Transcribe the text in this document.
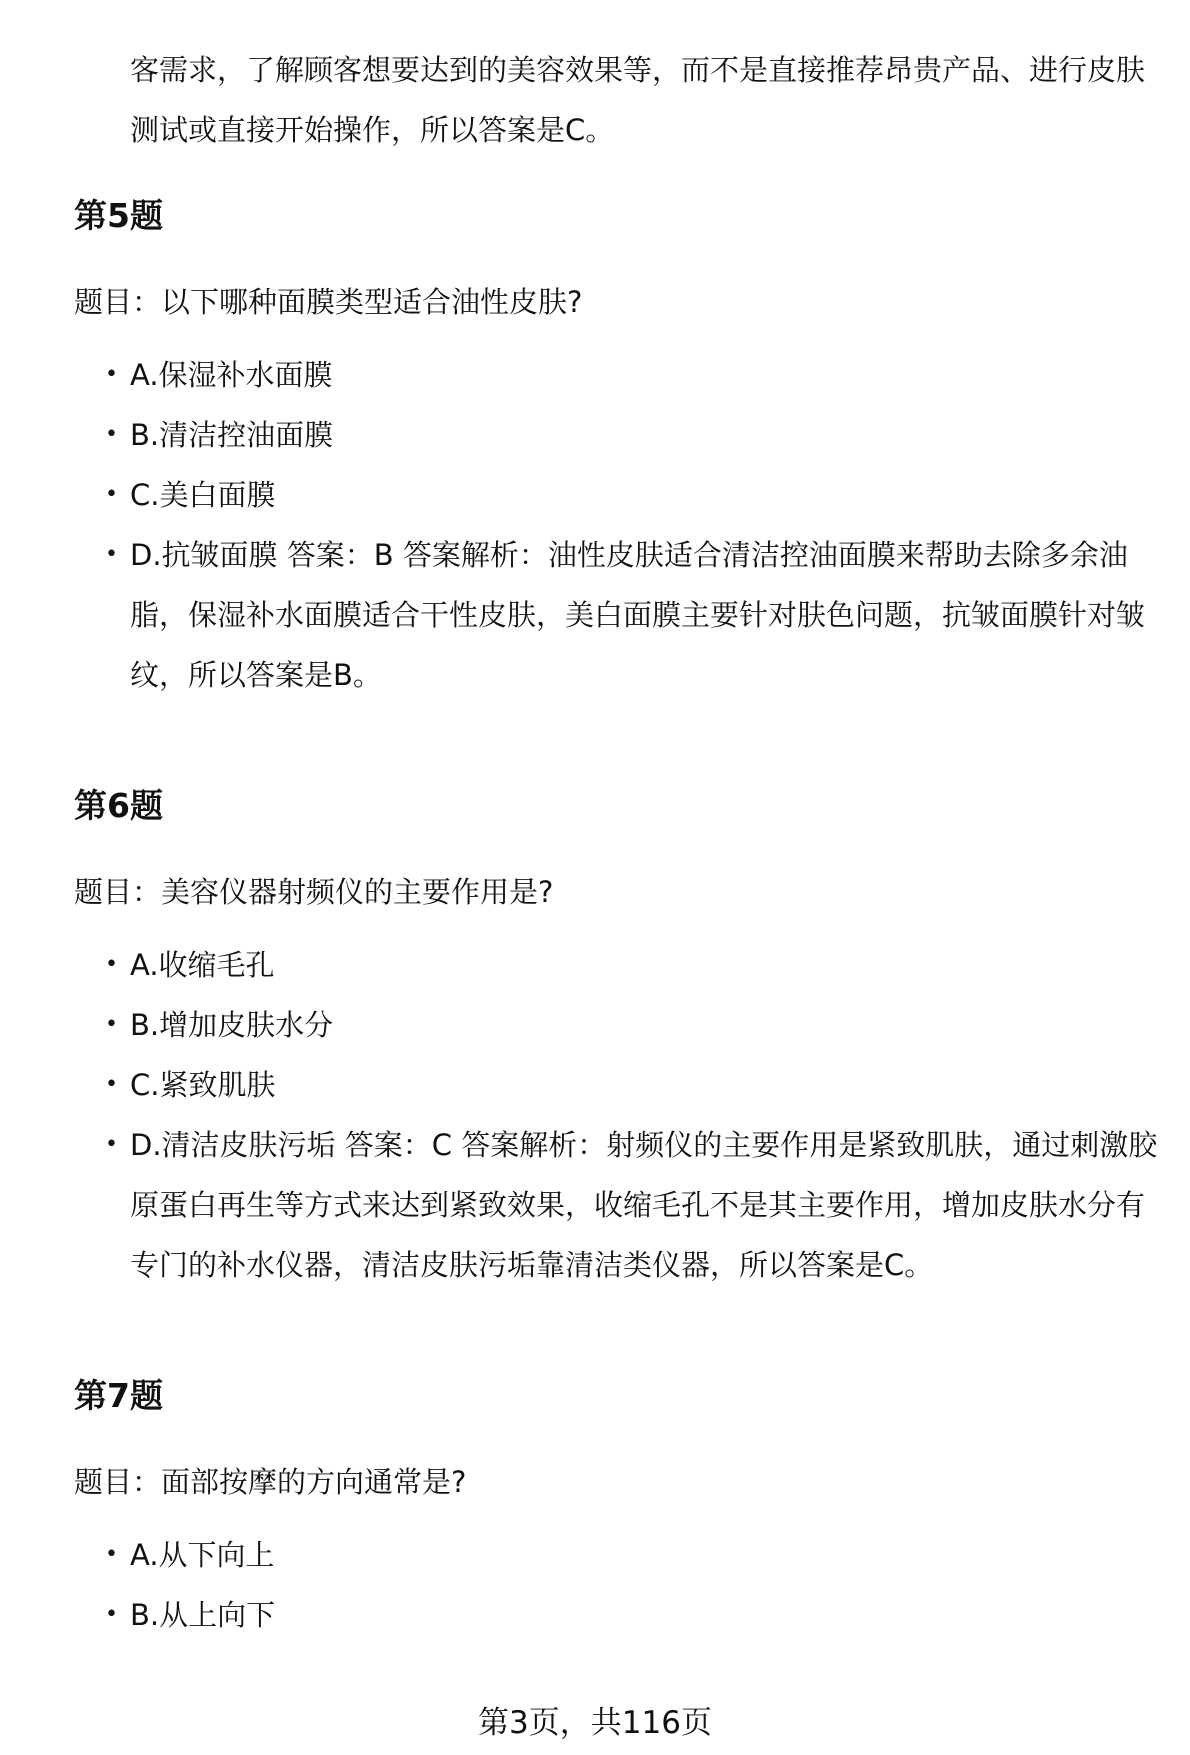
客需求，了解顾客想要达到的美容效果等，而不是直接推荐昂贵产品、进行皮肤测试或直接开始操作，所以答案是C。

第5题

题目：以下哪种面膜类型适合油性皮肤?

• A.保湿补水面膜
• B.清洁控油面膜
• C.美白面膜
• D.抗皱面膜 答案：B 答案解析：油性皮肤适合清洁控油面膜来帮助去除多余油脂，保湿补水面膜适合干性皮肤，美白面膜主要针对肤色问题，抗皱面膜针对皱纹，所以答案是B。
第6题

题目：美容仪器射频仪的主要作用是?

• A.收缩毛孔
• B.增加皮肤水分
• C.紧致肌肤
• D.清洁皮肤污垢 答案：C 答案解析：射频仪的主要作用是紧致肌肤，通过刺激胶原蛋白再生等方式来达到紧致效果，收缩毛孔不是其主要作用，增加皮肤水分有专门的补水仪器，清洁皮肤污垢靠清洁类仪器，所以答案是C。
第7题

题目：面部按摩的方向通常是?

• A.从下向上
• B.从上向下
第3页，共116页
